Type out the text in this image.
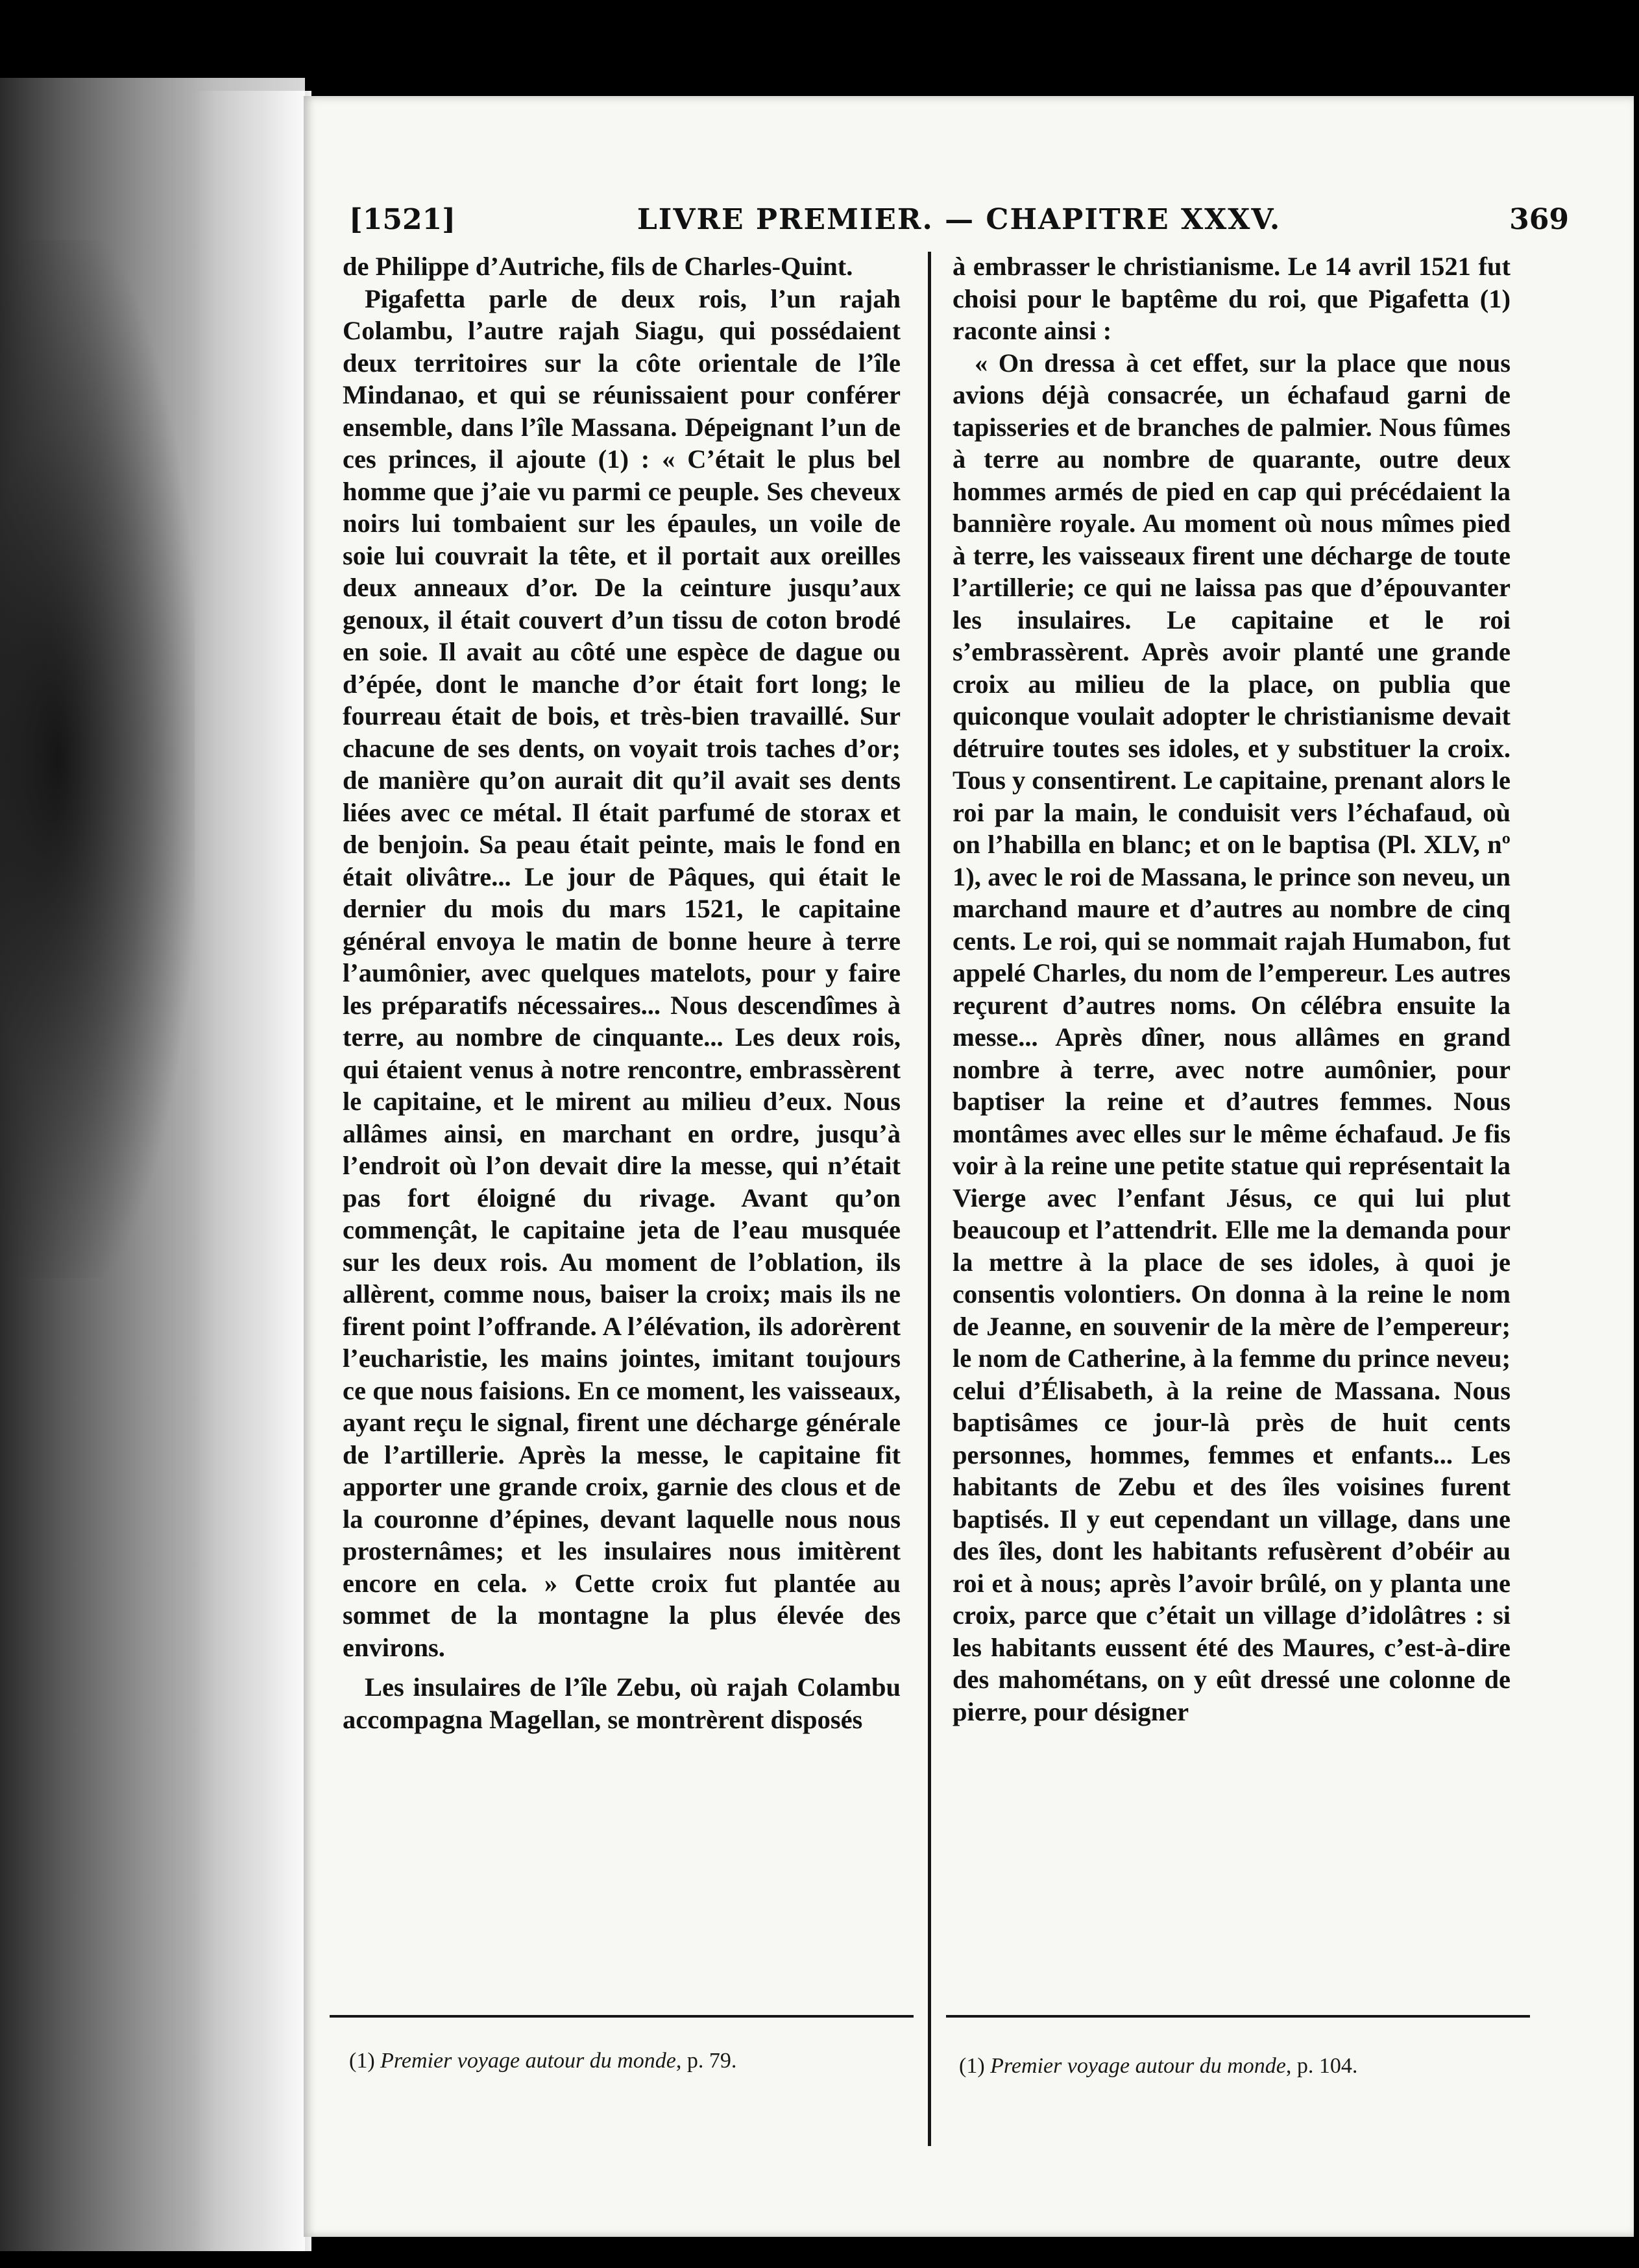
[1521]	LIVRE PREMIER. — CHAPITRE XXXV.	369

de Philippe d’Autriche, fils de Charles-Quint.

Pigafetta parle de deux rois, l’un rajah Colambu, l’autre rajah Siagu, qui possédaient deux territoires sur la côte orientale de l’île Mindanao, et qui se réunissaient pour conférer ensemble, dans l’île Massana. Dépeignant l’un de ces princes, il ajoute (1) : « C’était le plus bel homme que j’aie vu parmi ce peuple. Ses cheveux noirs lui tombaient sur les épaules, un voile de soie lui couvrait la tête, et il portait aux oreilles deux anneaux d’or. De la ceinture jusqu’aux genoux, il était couvert d’un tissu de coton brodé en soie. Il avait au côté une espèce de dague ou d’épée, dont le manche d’or était fort long; le fourreau était de bois, et très-bien travaillé. Sur chacune de ses dents, on voyait trois taches d’or; de manière qu’on aurait dit qu’il avait ses dents liées avec ce métal. Il était parfumé de storax et de benjoin. Sa peau était peinte, mais le fond en était olivâtre... Le jour de Pâques, qui était le dernier du mois du mars 1521, le capitaine général envoya le matin de bonne heure à terre l’aumônier, avec quelques matelots, pour y faire les préparatifs nécessaires... Nous descendîmes à terre, au nombre de cinquante... Les deux rois, qui étaient venus à notre rencontre, embrassèrent le capitaine, et le mirent au milieu d’eux. Nous allâmes ainsi, en marchant en ordre, jusqu’à l’endroit où l’on devait dire la messe, qui n’était pas fort éloigné du rivage. Avant qu’on commençât, le capitaine jeta de l’eau musquée sur les deux rois. Au moment de l’oblation, ils allèrent, comme nous, baiser la croix; mais ils ne firent point l’offrande. A l’élévation, ils adorèrent l’eucharistie, les mains jointes, imitant toujours ce que nous faisions. En ce moment, les vaisseaux, ayant reçu le signal, firent une décharge générale de l’artillerie. Après la messe, le capitaine fit apporter une grande croix, garnie des clous et de la couronne d’épines, devant laquelle nous nous prosternâmes; et les insulaires nous imitèrent encore en cela. » Cette croix fut plantée au sommet de la montagne la plus élevée des environs.

Les insulaires de l’île Zebu, où rajah Colambu accompagna Magellan, se montrèrent disposés

à embrasser le christianisme. Le 14 avril 1521 fut choisi pour le baptême du roi, que Pigafetta (1) raconte ainsi :

« On dressa à cet effet, sur la place que nous avions déjà consacrée, un échafaud garni de tapisseries et de branches de palmier. Nous fûmes à terre au nombre de quarante, outre deux hommes armés de pied en cap qui précédaient la bannière royale. Au moment où nous mîmes pied à terre, les vaisseaux firent une décharge de toute l’artillerie; ce qui ne laissa pas que d’épouvanter les insulaires. Le capitaine et le roi s’embrassèrent. Après avoir planté une grande croix au milieu de la place, on publia que quiconque voulait adopter le christianisme devait détruire toutes ses idoles, et y substituer la croix. Tous y consentirent. Le capitaine, prenant alors le roi par la main, le conduisit vers l’échafaud, où on l’habilla en blanc; et on le baptisa (Pl. XLV, nº 1), avec le roi de Massana, le prince son neveu, un marchand maure et d’autres au nombre de cinq cents. Le roi, qui se nommait rajah Humabon, fut appelé Charles, du nom de l’empereur. Les autres reçurent d’autres noms. On célébra ensuite la messe... Après dîner, nous allâmes en grand nombre à terre, avec notre aumônier, pour baptiser la reine et d’autres femmes. Nous montâmes avec elles sur le même échafaud. Je fis voir à la reine une petite statue qui représentait la Vierge avec l’enfant Jésus, ce qui lui plut beaucoup et l’attendrit. Elle me la demanda pour la mettre à la place de ses idoles, à quoi je consentis volontiers. On donna à la reine le nom de Jeanne, en souvenir de la mère de l’empereur; le nom de Catherine, à la femme du prince neveu; celui d’Élisabeth, à la reine de Massana. Nous baptisâmes ce jour-là près de huit cents personnes, hommes, femmes et enfants... Les habitants de Zebu et des îles voisines furent baptisés. Il y eut cependant un village, dans une des îles, dont les habitants refusèrent d’obéir au roi et à nous; après l’avoir brûlé, on y planta une croix, parce que c’était un village d’idolâtres : si les habitants eussent été des Maures, c’est-à-dire des mahométans, on y eût dressé une colonne de pierre, pour désigner

(1) Premier voyage autour du monde, p. 79.	(1) Premier voyage autour du monde, p. 104.
